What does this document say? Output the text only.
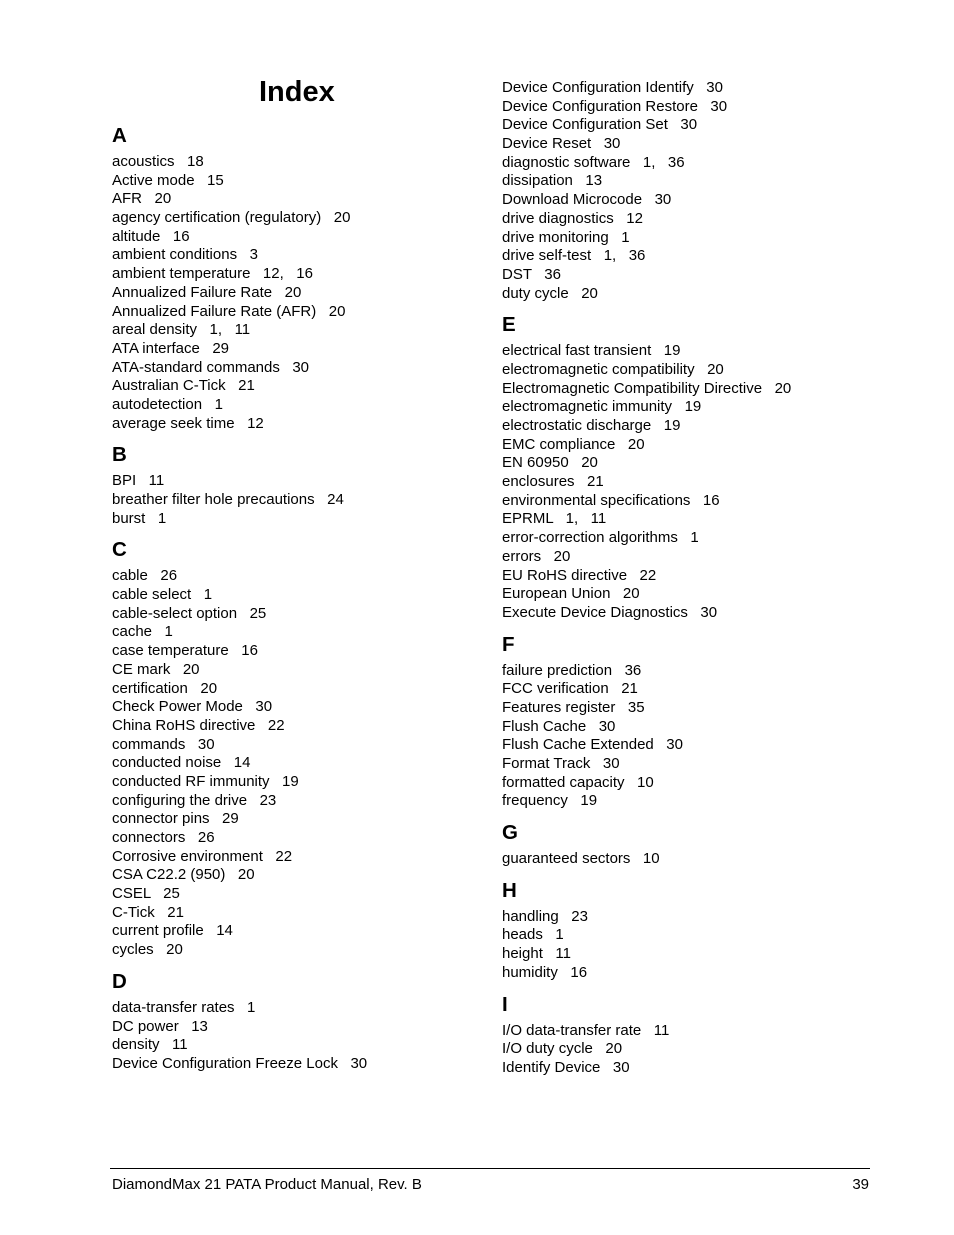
Index
A
acoustics   18
Active mode   15
AFR   20
agency certification (regulatory)   20
altitude   16
ambient conditions   3
ambient temperature   12,   16
Annualized Failure Rate   20
Annualized Failure Rate (AFR)   20
areal density   1,   11
ATA interface   29
ATA-standard commands   30
Australian C-Tick   21
autodetection   1
average seek time   12
B
BPI   11
breather filter hole precautions   24
burst   1
C
cable   26
cable select   1
cable-select option   25
cache   1
case temperature   16
CE mark   20
certification   20
Check Power Mode   30
China RoHS directive   22
commands   30
conducted noise   14
conducted RF immunity   19
configuring the drive   23
connector pins   29
connectors   26
Corrosive environment   22
CSA C22.2 (950)   20
CSEL   25
C-Tick   21
current profile   14
cycles   20
D
data-transfer rates   1
DC power   13
density   11
Device Configuration Freeze Lock   30
Device Configuration Identify   30
Device Configuration Restore   30
Device Configuration Set   30
Device Reset   30
diagnostic software   1,   36
dissipation   13
Download Microcode   30
drive diagnostics   12
drive monitoring   1
drive self-test   1,   36
DST   36
duty cycle   20
E
electrical fast transient   19
electromagnetic compatibility   20
Electromagnetic Compatibility Directive   20
electromagnetic immunity   19
electrostatic discharge   19
EMC compliance   20
EN 60950   20
enclosures   21
environmental specifications   16
EPRML   1,   11
error-correction algorithms   1
errors   20
EU RoHS directive   22
European Union   20
Execute Device Diagnostics   30
F
failure prediction   36
FCC verification   21
Features register   35
Flush Cache   30
Flush Cache Extended   30
Format Track   30
formatted capacity   10
frequency   19
G
guaranteed sectors   10
H
handling   23
heads   1
height   11
humidity   16
I
I/O data-transfer rate   11
I/O duty cycle   20
Identify Device   30
DiamondMax 21 PATA Product Manual, Rev. B	39
